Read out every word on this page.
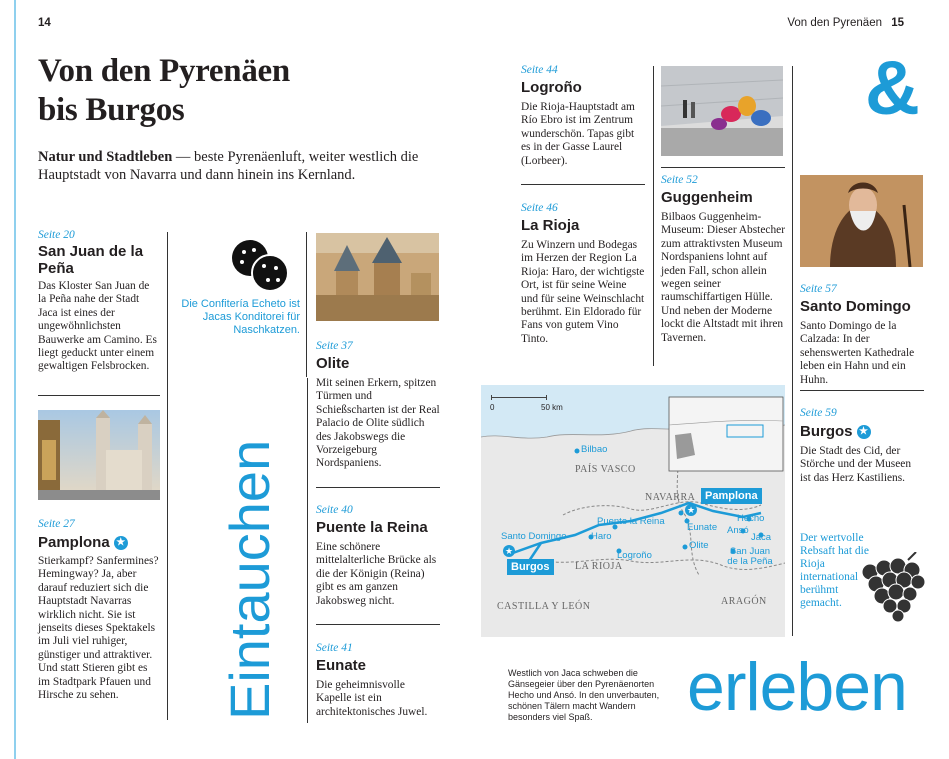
14	Von den Pyrenäen 15
Von den Pyrenäen
bis Burgos
Natur und Stadtleben — beste Pyrenäenluft, weiter westlich die Hauptstadt von Navarra und dann hinein ins Kernland.
Seite 20
San Juan de la Peña
Das Kloster San Juan de la Peña nahe der Stadt Jaca ist eines der ungewöhnlichsten Bauwerke am Camino. Es liegt geduckt unter einem gewaltigen Felsbrocken.
Seite 27
Pamplona ★
Stierkampf? Sanfermines? Hemingway? Ja, aber darauf reduziert sich die Hauptstadt Navarras wirklich nicht. Sie ist jenseits dieses Spektakels im Juli viel ruhiger, günstiger und attraktiver. Und statt Stieren gibt es im Stadtpark Pfauen und Hirsche zu sehen.
Die Confitería Echeto ist Jacas Konditorei für Naschkatzen.
Eintauchen
Seite 37
Olite
Mit seinen Erkern, spitzen Türmen und Schießscharten ist der Real Palacio de Olite südlich des Jakobswegs die Vorzeigeburg Nordspaniens.
Seite 40
Puente la Reina
Eine schönere mittelalterliche Brücke als die der Königin (Reina) gibt es am ganzen Jakobsweg nicht.
Seite 41
Eunate
Die geheimnisvolle Kapelle ist ein architektonisches Juwel.
Seite 44
Logroño
Die Rioja-Hauptstadt am Río Ebro ist im Zentrum wunderschön. Tapas gibt es in der Gasse Laurel (Lorbeer).
Seite 46
La Rioja
Zu Winzern und Bodegas im Herzen der Region La Rioja: Haro, der wichtigste Ort, ist für seine Weine und für seine Weinschlacht berühmt. Ein Eldorado für Fans von gutem Vino Tinto.
Seite 52
Guggenheim
Bilbaos Guggenheim-Museum: Dieser Abstecher zum attraktivsten Museum Nordspaniens lohnt auf jeden Fall, schon allein wegen seiner raumschiffartigen Hülle. Und neben der Moderne lockt die Altstadt mit ihren Tavernen.
&
Seite 57
Santo Domingo
Santo Domingo de la Calzada: In der sehenswerten Kathedrale leben ein Hahn und ein Huhn.
Seite 59
Burgos ★
Die Stadt des Cid, der Störche und der Museen ist das Herz Kastiliens.
Der wertvolle Rebsaft hat die Rioja international berühmt gemacht.
0	50 km
Bilbao
PAÍS VASCO
NAVARRA Pamplona
★
Puente la Reina
Eunate
Hecho
Ansó
Jaca
Santo Domingo
★
Burgos
Haro
Logroño
Olite
San Juan de la Peña
LA RIOJA
CASTILLA Y LEÓN	ARAGÓN
Westlich von Jaca schweben die Gänsegeier über den Pyrenäenorten Hecho und Ansó. In den unverbauten, schönen Tälern macht Wandern besonders viel Spaß.	erleben
